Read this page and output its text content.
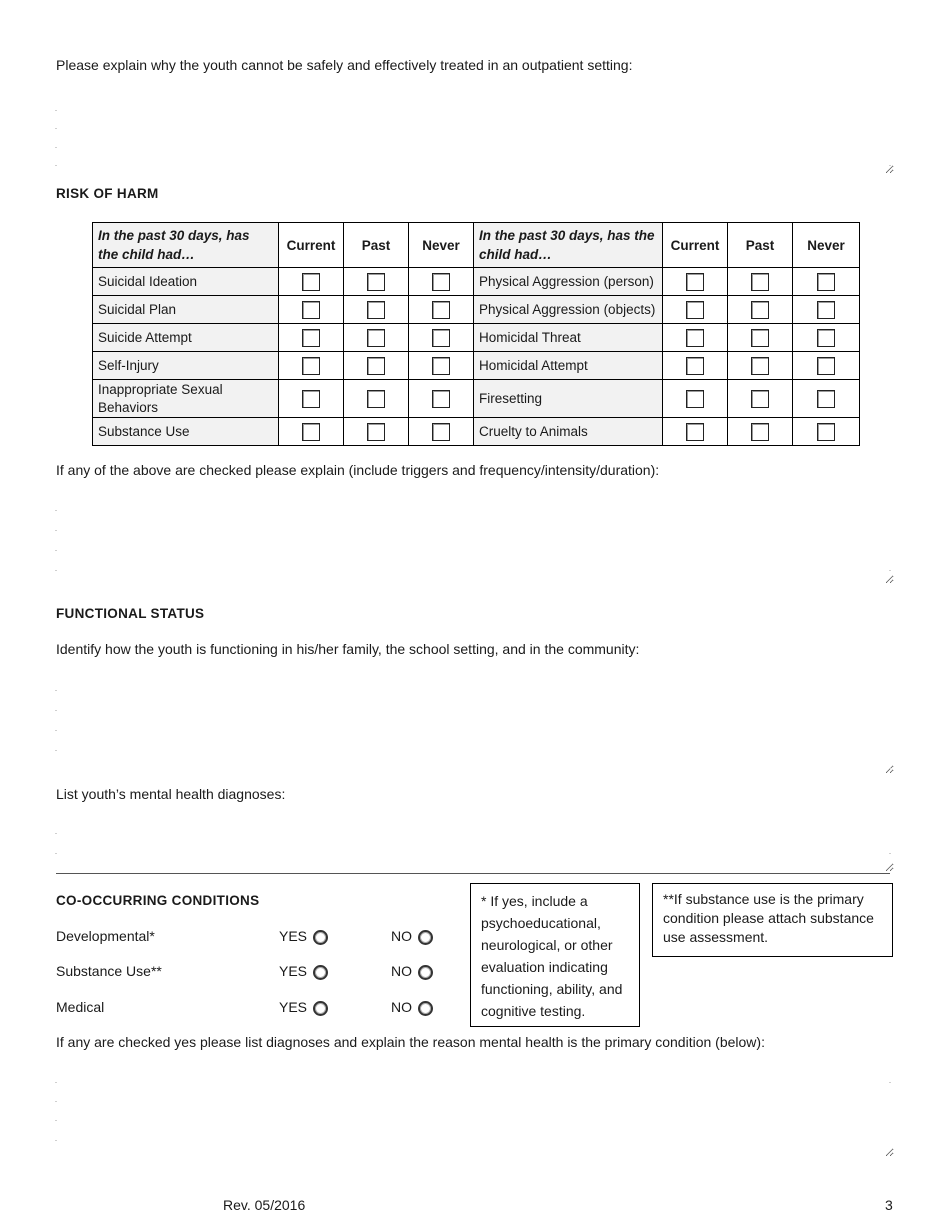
Please explain why the youth cannot be safely and effectively treated in an outpatient setting:
RISK OF HARM
In the past 30 days, has the child had…	Current	Past	Never	In the past 30 days, has the child had…	Current	Past	Never
Suicidal Ideation				Physical Aggression (person)			
Suicidal Plan				Physical Aggression (objects)			
Suicide Attempt				Homicidal Threat			
Self-Injury				Homicidal Attempt			
Inappropriate Sexual Behaviors				Firesetting			
Substance Use				Cruelty to Animals			
If any of the above are checked please explain (include triggers and frequency/intensity/duration):
FUNCTIONAL STATUS
Identify how the youth is functioning in his/her family, the school setting, and in the community:
List youth’s mental health diagnoses:
CO-OCCURRING CONDITIONS
Developmental*	YES	NO
Substance Use**	YES	NO
Medical	YES	NO
* If yes, include a psychoeducational, neurological, or other evaluation indicating functioning, ability, and cognitive testing.
**If substance use is the primary condition please attach substance use assessment.
If any are checked yes please list diagnoses and explain the reason mental health is the primary condition (below):
Rev. 05/2016	3
